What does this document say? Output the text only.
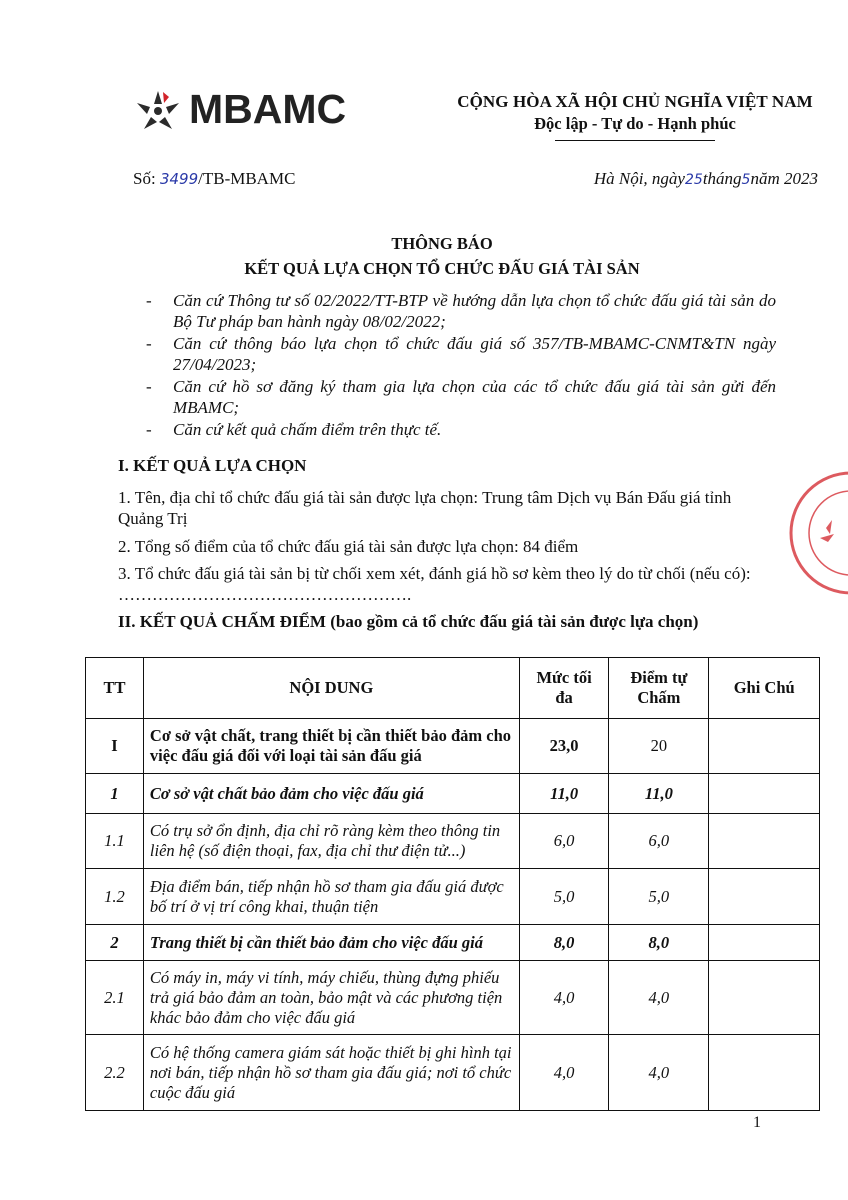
MBAMC	CỘNG HÒA XÃ HỘI CHỦ NGHĨA VIỆT NAM
Độc lập - Tự do - Hạnh phúc
Số: 3499/TB-MBAMC	Hà Nội, ngày25tháng5năm 2023
THÔNG BÁO
KẾT QUẢ LỰA CHỌN TỔ CHỨC ĐẤU GIÁ TÀI SẢN
- Căn cứ Thông tư số 02/2022/TT-BTP về hướng dẫn lựa chọn tổ chức đấu giá tài sản do Bộ Tư pháp ban hành ngày 08/02/2022;
- Căn cứ thông báo lựa chọn tổ chức đấu giá số 357/TB-MBAMC-CNMT&TN ngày 27/04/2023;
- Căn cứ hồ sơ đăng ký tham gia lựa chọn của các tổ chức đấu giá tài sản gửi đến MBAMC;
- Căn cứ kết quả chấm điểm trên thực tế.
I. KẾT QUẢ LỰA CHỌN
1. Tên, địa chỉ tổ chức đấu giá tài sản được lựa chọn: Trung tâm Dịch vụ Bán Đấu giá tỉnh Quảng Trị
2. Tổng số điểm của tổ chức đấu giá tài sản được lựa chọn: 84 điểm
3. Tổ chức đấu giá tài sản bị từ chối xem xét, đánh giá hồ sơ kèm theo lý do từ chối (nếu có): …………………………………………….
II. KẾT QUẢ CHẤM ĐIỂM (bao gồm cả tổ chức đấu giá tài sản được lựa chọn)
TT	NỘI DUNG	Mức tối đa	Điểm tự Chấm	Ghi Chú
I	Cơ sở vật chất, trang thiết bị cần thiết bảo đảm cho việc đấu giá đối với loại tài sản đấu giá	23,0	20	
1	Cơ sở vật chất bảo đảm cho việc đấu giá	11,0	11,0	
1.1	Có trụ sở ổn định, địa chỉ rõ ràng kèm theo thông tin liên hệ (số điện thoại, fax, địa chỉ thư điện tử...)	6,0	6,0	
1.2	Địa điểm bán, tiếp nhận hồ sơ tham gia đấu giá được bố trí ở vị trí công khai, thuận tiện	5,0	5,0	
2	Trang thiết bị cần thiết bảo đảm cho việc đấu giá	8,0	8,0	
2.1	Có máy in, máy vi tính, máy chiếu, thùng đựng phiếu trả giá bảo đảm an toàn, bảo mật và các phương tiện khác bảo đảm cho việc đấu giá	4,0	4,0	
2.2	Có hệ thống camera giám sát hoặc thiết bị ghi hình tại nơi bán, tiếp nhận hồ sơ tham gia đấu giá; nơi tổ chức cuộc đấu giá	4,0	4,0	
1
